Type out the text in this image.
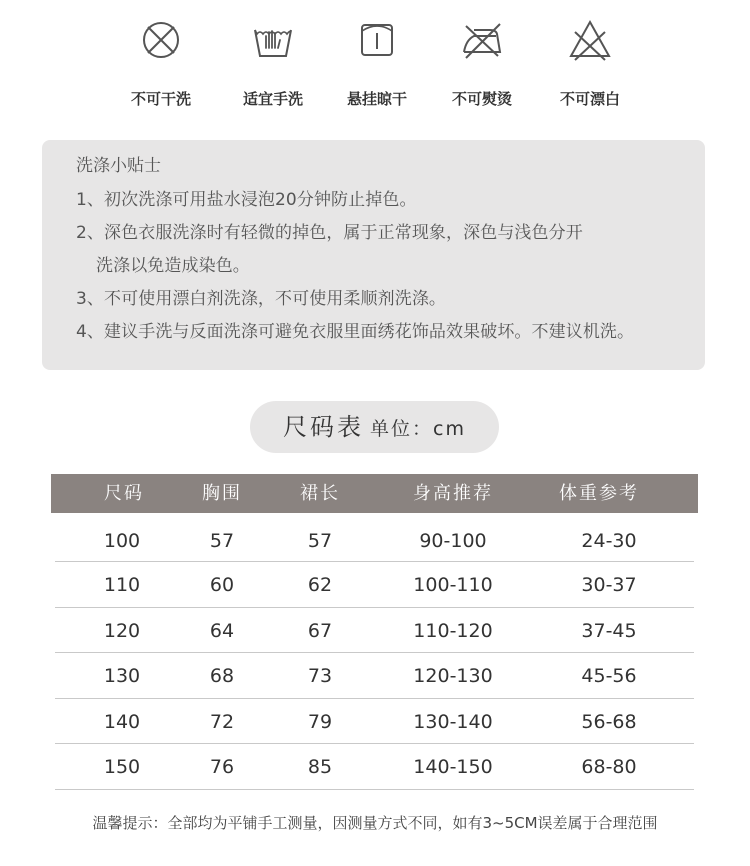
不可干洗	适宜手洗	悬挂晾干	不可熨烫	不可漂白
洗涤小贴士
1、初次洗涤可用盐水浸泡20分钟防止掉色。
2、深色衣服洗涤时有轻微的掉色，属于正常现象，深色与浅色分开
洗涤以免造成染色。
3、不可使用漂白剂洗涤，不可使用柔顺剂洗涤。
4、建议手洗与反面洗涤可避免衣服里面绣花饰品效果破坏。不建议机洗。
尺码表 单位：cm
尺码	胸围	裙长	身高推荐	体重参考
100	57	57	90-100	24-30
110	60	62	100-110	30-37
120	64	67	110-120	37-45
130	68	73	120-130	45-56
140	72	79	130-140	56-68
150	76	85	140-150	68-80
温馨提示：全部均为平铺手工测量，因测量方式不同，如有3~5CM误差属于合理范围
